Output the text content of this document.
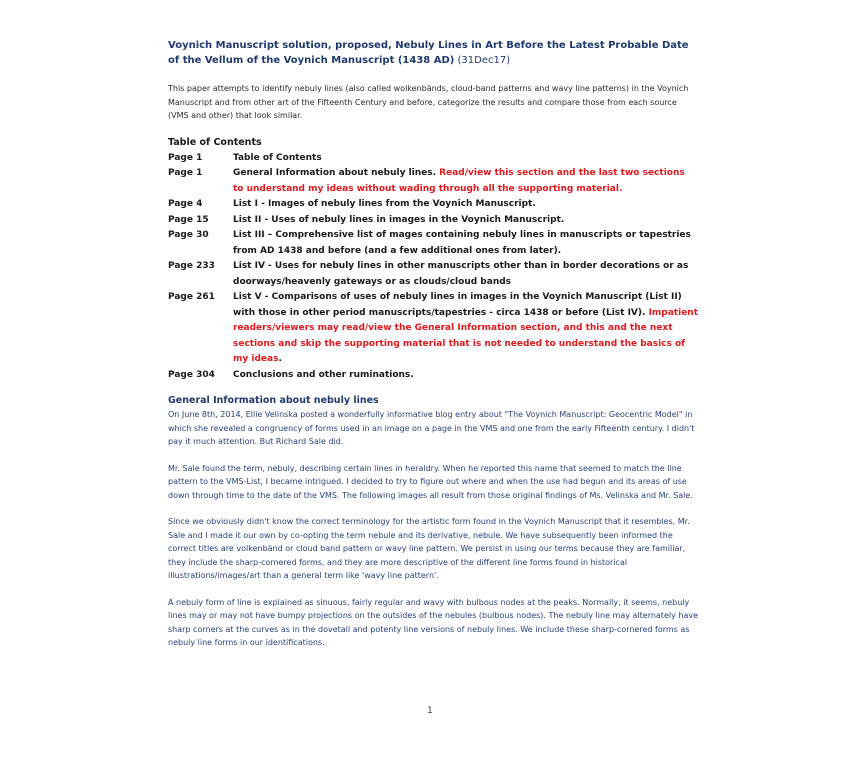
Voynich Manuscript solution, proposed, Nebuly Lines in Art Before the Latest Probable Date of the Vellum of the Voynich Manuscript (1438 AD) (31Dec17)

This paper attempts to identify nebuly lines (also called wolkenbänds, cloud-band patterns and wavy line patterns) in the Voynich Manuscript and from other art of the Fifteenth Century and before, categorize the results and compare those from each source (VMS and other) that look similar.

Table of Contents
Page 1	Table of Contents
Page 1	General Information about nebuly lines. Read/view this section and the last two sections to understand my ideas without wading through all the supporting material.
Page 4	List I - Images of nebuly lines from the Voynich Manuscript.
Page 15	List II - Uses of nebuly lines in images in the Voynich Manuscript.
Page 30	List III – Comprehensive list of mages containing nebuly lines in manuscripts or tapestries from AD 1438 and before (and a few additional ones from later).
Page 233	List IV - Uses for nebuly lines in other manuscripts other than in border decorations or as doorways/heavenly gateways or as clouds/cloud bands
Page 261	List V - Comparisons of uses of nebuly lines in images in the Voynich Manuscript (List II) with those in other period manuscripts/tapestries - circa 1438 or before (List IV). Impatient readers/viewers may read/view the General Information section, and this and the next sections and skip the supporting material that is not needed to understand the basics of my ideas.
Page 304	Conclusions and other ruminations.
General Information about nebuly lines

On June 8th, 2014, Ellie Velinska posted a wonderfully informative blog entry about "The Voynich Manuscript: Geocentric Model" in which she revealed a congruency of forms used in an image on a page in the VMS and one from the early Fifteenth century. I didn't pay it much attention. But Richard Sale did.

Mr. Sale found the term, nebuly, describing certain lines in heraldry. When he reported this name that seemed to match the line pattern to the VMS-List, I became intrigued. I decided to try to figure out where and when the use had begun and its areas of use down through time to the date of the VMS. The following images all result from those original findings of Ms. Velinska and Mr. Sale.

Since we obviously didn't know the correct terminology for the artistic form found in the Voynich Manuscript that it resembles, Mr. Sale and I made it our own by co-opting the term nebule and its derivative, nebule. We have subsequently been informed the correct titles are volkenbänd or cloud band pattern or wavy line pattern. We persist in using our terms because they are familiar, they include the sharp-cornered forms, and they are more descriptive of the different line forms found in historical illustrations/images/art than a general term like 'wavy line pattern'.

A nebuly form of line is explained as sinuous, fairly regular and wavy with bulbous nodes at the peaks. Normally, it seems, nebuly lines may or may not have bumpy projections on the outsides of the nebules (bulbous nodes). The nebuly line may alternately have sharp corners at the curves as in the dovetail and potenty line versions of nebuly lines. We include these sharp-cornered forms as nebuly line forms in our identifications.

1
